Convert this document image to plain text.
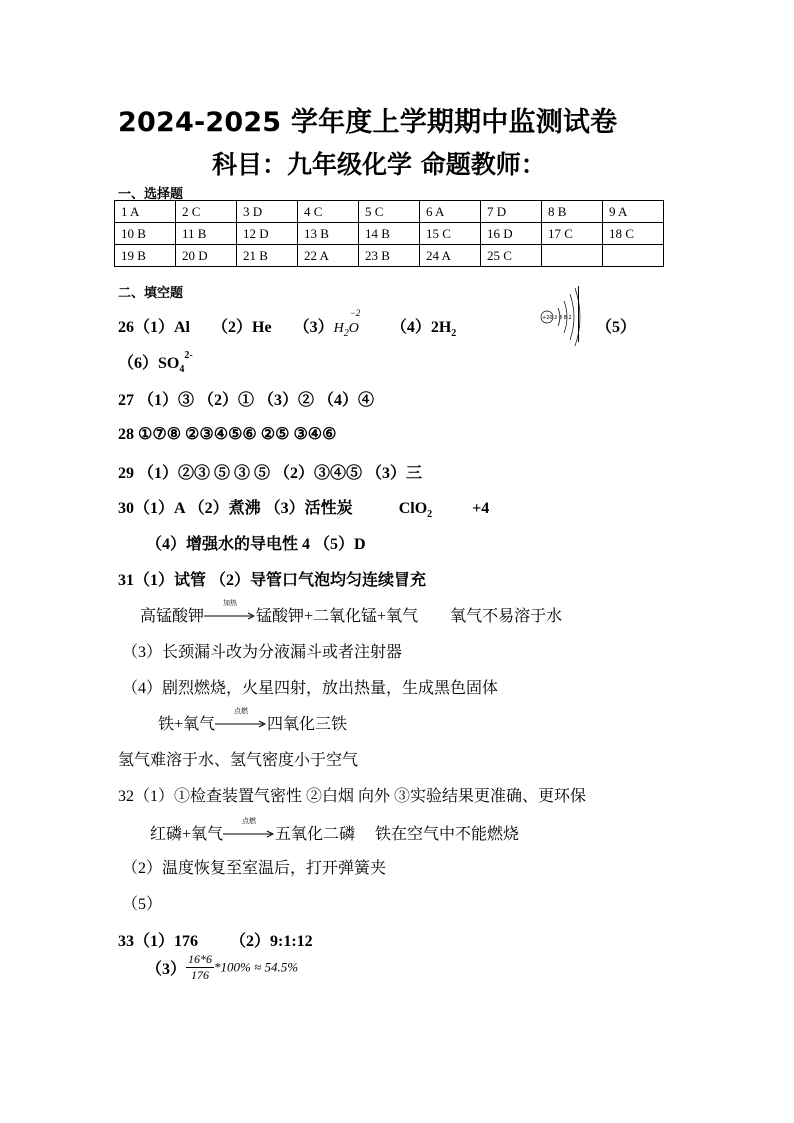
2024-2025 学年度上学期期中监测试卷
科目：九年级化学 命题教师：
一、选择题
1 A	2 C	3 D	4 C	5 C	6 A	7 D	8 B	9 A
10 B	11 B	12 D	13 B	14 B	15 C	16 D	17 C	18 C
19 B	20 D	21 B	22 A	23 B	24 A	25 C		
二、填空题
26（1）Al （2）He $(3)H_2$
−2
O $(4)2H_2$
+20 2 8 8 2
（5）
$(6)SO_4^{2-}$
27 （1）③ （2）① （3）② （4）④
28 ①⑦⑧ ②③④⑤⑥ ②⑤ ③④⑥
29 （1）②③ ⑤ ③ ⑤ （2）③④⑤ （3）三
30（1）A （2）煮沸 （3）活性炭	ClO$_2$	+4
（4）增强水的导电性 4 （5）D
31（1）试管 （2）导管口气泡均匀连续冒充
高锰酸钾
加热
锰酸钾+二氧化锰+氧气 氧气不易溶于水
（3）长颈漏斗改为分液漏斗或者注射器
（4）剧烈燃烧，火星四射，放出热量，生成黑色固体
铁+氧气
点燃
四氧化三铁
氢气难溶于水、氢气密度小于空气
32（1）①检查装置气密性 ②白烟 向外 ③实验结果更准确、更环保
红磷+氧气
点燃
五氧化二磷 铁在空气中不能燃烧
（2）温度恢复至室温后，打开弹簧夹
（5）
33（1）176 （2）9:1:12
$(3) \frac{16*6}{176} *100\% \approx 54.5\%$
